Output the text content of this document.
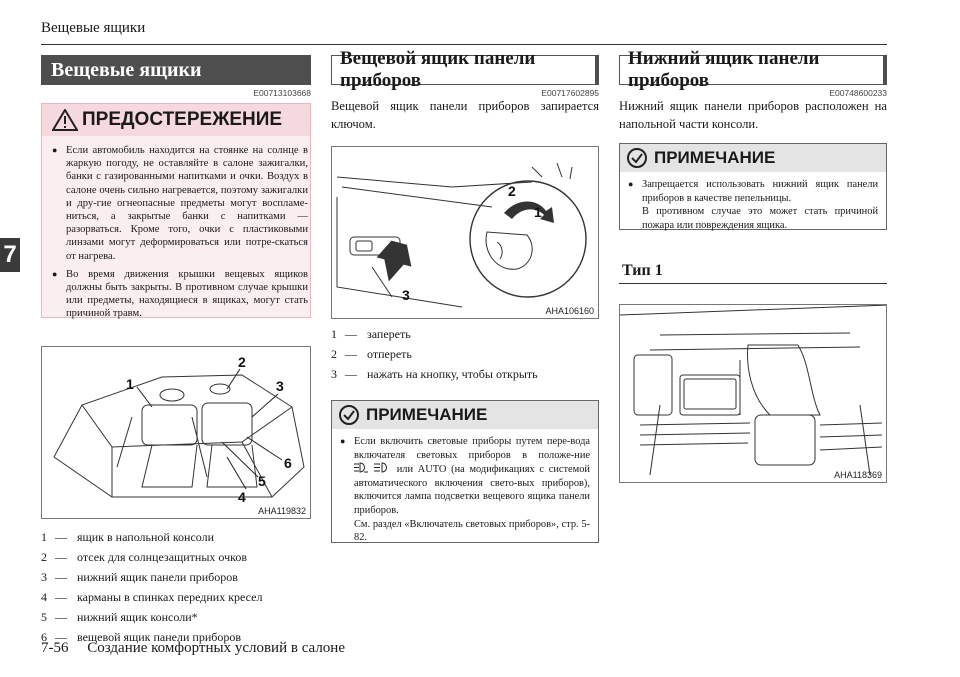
Вещевые ящики
7
Вещевые ящики
E00713103668
ПРЕДОСТЕРЕЖЕНИЕ
● Если автомобиль находится на стоянке на солнце в жаркую погоду, не оставляйте в салоне зажигалки, банки с газированными напитками и очки. Воздух в салоне очень сильно нагревается, поэтому зажигалки и дру-гие огнеопасные предметы могут воспламе-ниться, а закрытые банки с напитками — разорваться. Кроме того, очки с пластиковыми линзами могут деформироваться или потре-скаться от нагрева.
● Во время движения крышки вещевых ящиков должны быть закрыты. В противном случае крышки или предметы, находящиеся в ящиках, могут стать причиной травм.
1
2
3
4
5
6
AHA119832
1 — ящик в напольной консоли
2 — отсек для солнцезащитных очков
3 — нижний ящик панели приборов
4 — карманы в спинках передних кресел
5 — нижний ящик консоли*
6 — вещевой ящик панели приборов
Вещевой ящик панели приборов
E00717602895
Вещевой ящик панели приборов запирается ключом.
1
2
3
AHA106160
1 — запереть
2 — отпереть
3 — нажать на кнопку, чтобы открыть
ПРИМЕЧАНИЕ
● Если включить световые приборы путем пере-вода включателя световых приборов в положе-ние  или AUTO (на модификациях с системой автоматического включения свето-вых приборов), включится лампа подсветки вещевого ящика панели приборов.
См. раздел «Включатель световых приборов», стр. 5-82.
Нижний ящик панели приборов
E00748600233
Нижний ящик панели приборов расположен на напольной части консоли.
ПРИМЕЧАНИЕ
● Запрещается использовать нижний ящик панели приборов в качестве пепельницы.
В противном случае это может стать причиной пожара или повреждения ящика.
Тип 1
AHA118369
7-56 Создание комфортных условий в салоне
